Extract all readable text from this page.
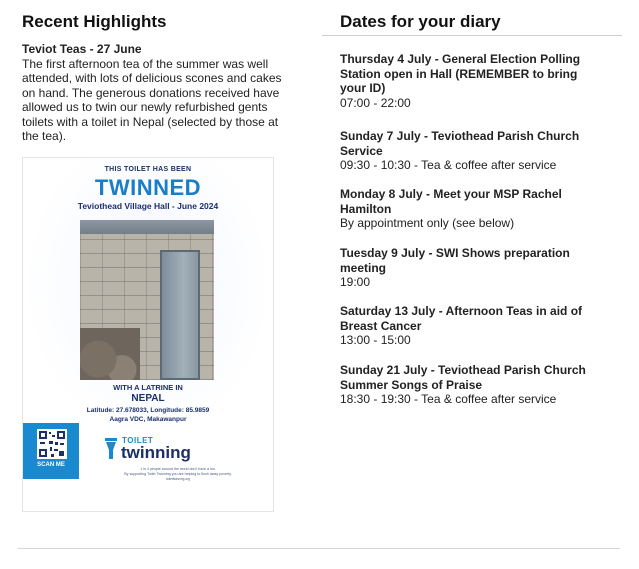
Recent Highlights
Teviot Teas - 27 June

The first afternoon tea of the summer was well attended, with lots of delicious scones and cakes on hand. The generous donations received have allowed us to twin our newly refurbished gents toilets with a toilet in Nepal (selected by those at the tea).

THIS TOILET HAS BEEN
TWINNED
Teviothead Village Hall - June 2024
WITH A LATRINE IN
NEPAL
Latitude: 27.678033, Longitude: 85.9859
Aagra VDC, Makawanpur
SCAN ME
TOILET
twinning
1 in 4 people around the world don't have a loo.
By supporting Toilet Twinning you are helping to flush away poverty.
toilettwinning.org
Dates for your diary
Thursday 4 July - General Election Polling Station open in Hall (REMEMBER to bring your ID)
07:00 - 22:00
Sunday 7 July - Teviothead Parish Church Service
09:30 - 10:30 - Tea & coffee after service
Monday 8 July - Meet your MSP Rachel Hamilton
By appointment only (see below)
Tuesday 9 July - SWI Shows preparation meeting
19:00
Saturday 13 July - Afternoon Teas in aid of Breast Cancer
13:00 - 15:00
Sunday 21 July - Teviothead Parish Church Summer Songs of Praise
18:30 - 19:30 - Tea & coffee after service
